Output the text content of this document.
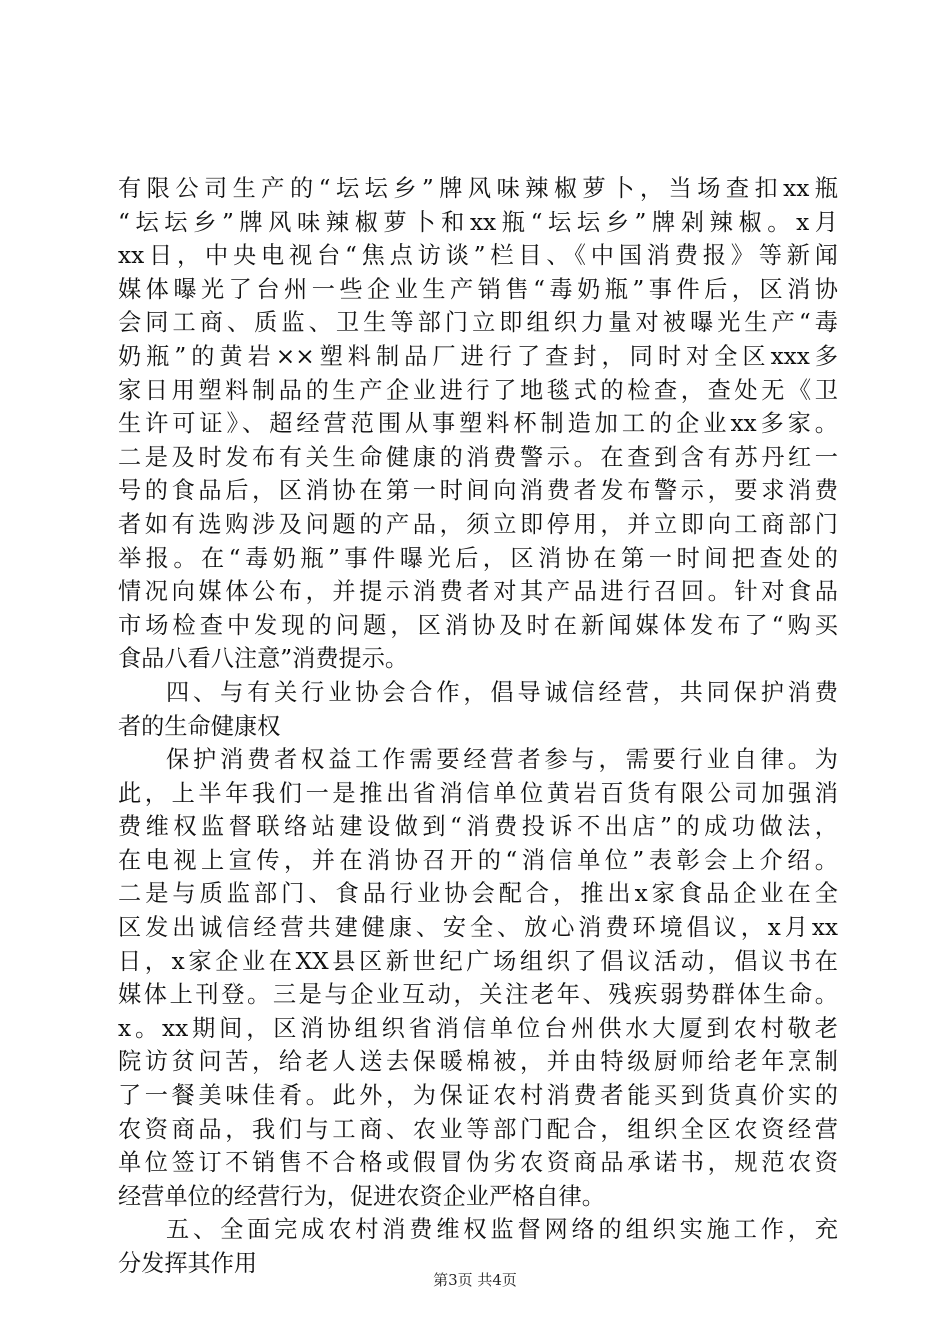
有限公司生产的“坛坛乡”牌风味辣椒萝卜，当场查扣xx瓶
“坛坛乡”牌风味辣椒萝卜和xx瓶“坛坛乡”牌剁辣椒。x月
xx日，中央电视台“焦点访谈”栏目、《中国消费报》等新闻
媒体曝光了台州一些企业生产销售“毒奶瓶”事件后，区消协
会同工商、质监、卫生等部门立即组织力量对被曝光生产“毒
奶瓶”的黄岩××塑料制品厂进行了查封，同时对全区xxx多
家日用塑料制品的生产企业进行了地毯式的检查，查处无《卫
生许可证》、超经营范围从事塑料杯制造加工的企业xx多家。
二是及时发布有关生命健康的消费警示。在查到含有苏丹红一
号的食品后，区消协在第一时间向消费者发布警示，要求消费
者如有选购涉及问题的产品，须立即停用，并立即向工商部门
举报。在“毒奶瓶”事件曝光后，区消协在第一时间把查处的
情况向媒体公布，并提示消费者对其产品进行召回。针对食品
市场检查中发现的问题，区消协及时在新闻媒体发布了“购买
食品八看八注意”消费提示。
四、与有关行业协会合作，倡导诚信经营，共同保护消费
者的生命健康权
保护消费者权益工作需要经营者参与，需要行业自律。为
此，上半年我们一是推出省消信单位黄岩百货有限公司加强消
费维权监督联络站建设做到“消费投诉不出店”的成功做法，
在电视上宣传，并在消协召开的“消信单位”表彰会上介绍。
二是与质监部门、食品行业协会配合，推出x家食品企业在全
区发出诚信经营共建健康、安全、放心消费环境倡议，x月xx
日，x家企业在XX县区新世纪广场组织了倡议活动，倡议书在
媒体上刊登。三是与企业互动，关注老年、残疾弱势群体生命。
x。xx期间，区消协组织省消信单位台州供水大厦到农村敬老
院访贫问苦，给老人送去保暖棉被，并由特级厨师给老年烹制
了一餐美味佳肴。此外，为保证农村消费者能买到货真价实的
农资商品，我们与工商、农业等部门配合，组织全区农资经营
单位签订不销售不合格或假冒伪劣农资商品承诺书，规范农资
经营单位的经营行为，促进农资企业严格自律。
五、全面完成农村消费维权监督网络的组织实施工作，充
分发挥其作用
第3页 共4页
